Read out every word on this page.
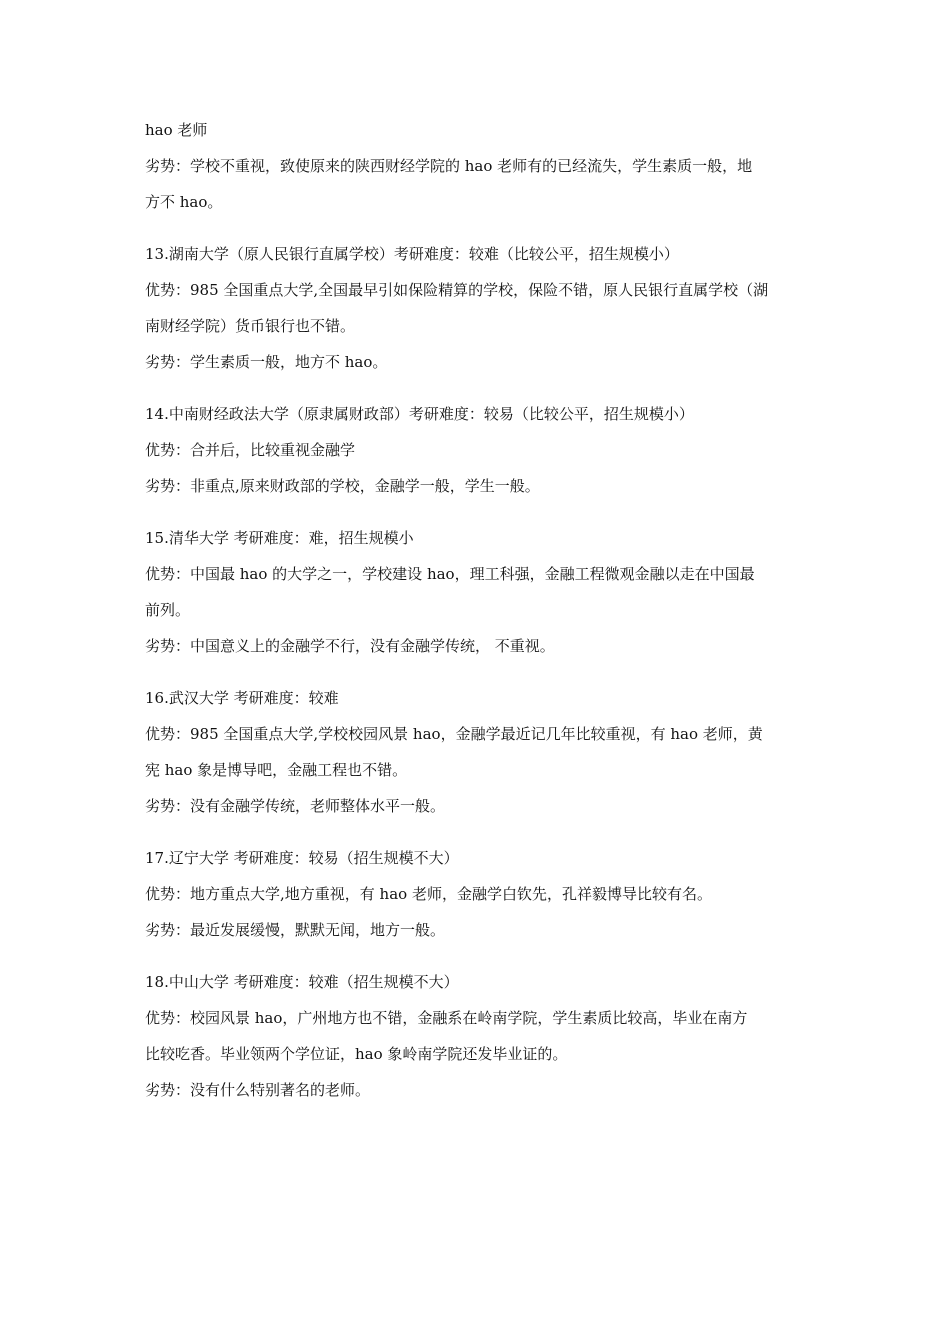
hao 老师
劣势：学校不重视，致使原来的陕西财经学院的 hao 老师有的已经流失，学生素质一般，地
方不 hao。
13.湖南大学（原人民银行直属学校）考研难度：较难（比较公平，招生规模小）
优势：985 全国重点大学,全国最早引如保险精算的学校，保险不错，原人民银行直属学校（湖
南财经学院）货币银行也不错。
劣势：学生素质一般，地方不 hao。
14.中南财经政法大学（原隶属财政部）考研难度：较易（比较公平，招生规模小）
优势：合并后，比较重视金融学
劣势：非重点,原来财政部的学校，金融学一般，学生一般。
15.清华大学 考研难度：难，招生规模小
优势：中国最 hao 的大学之一，学校建设 hao，理工科强，金融工程微观金融以走在中国最
前列。
劣势：中国意义上的金融学不行，没有金融学传统， 不重视。
16.武汉大学 考研难度：较难
优势：985 全国重点大学,学校校园风景 hao，金融学最近记几年比较重视，有 hao 老师，黄
宪 hao 象是博导吧，金融工程也不错。
劣势：没有金融学传统，老师整体水平一般。
17.辽宁大学 考研难度：较易（招生规模不大）
优势：地方重点大学,地方重视，有 hao 老师，金融学白钦先，孔祥毅博导比较有名。
劣势：最近发展缓慢，默默无闻，地方一般。
18.中山大学 考研难度：较难（招生规模不大）
优势：校园风景 hao，广州地方也不错，金融系在岭南学院，学生素质比较高，毕业在南方
比较吃香。毕业领两个学位证，hao 象岭南学院还发毕业证的。
劣势：没有什么特别著名的老师。
